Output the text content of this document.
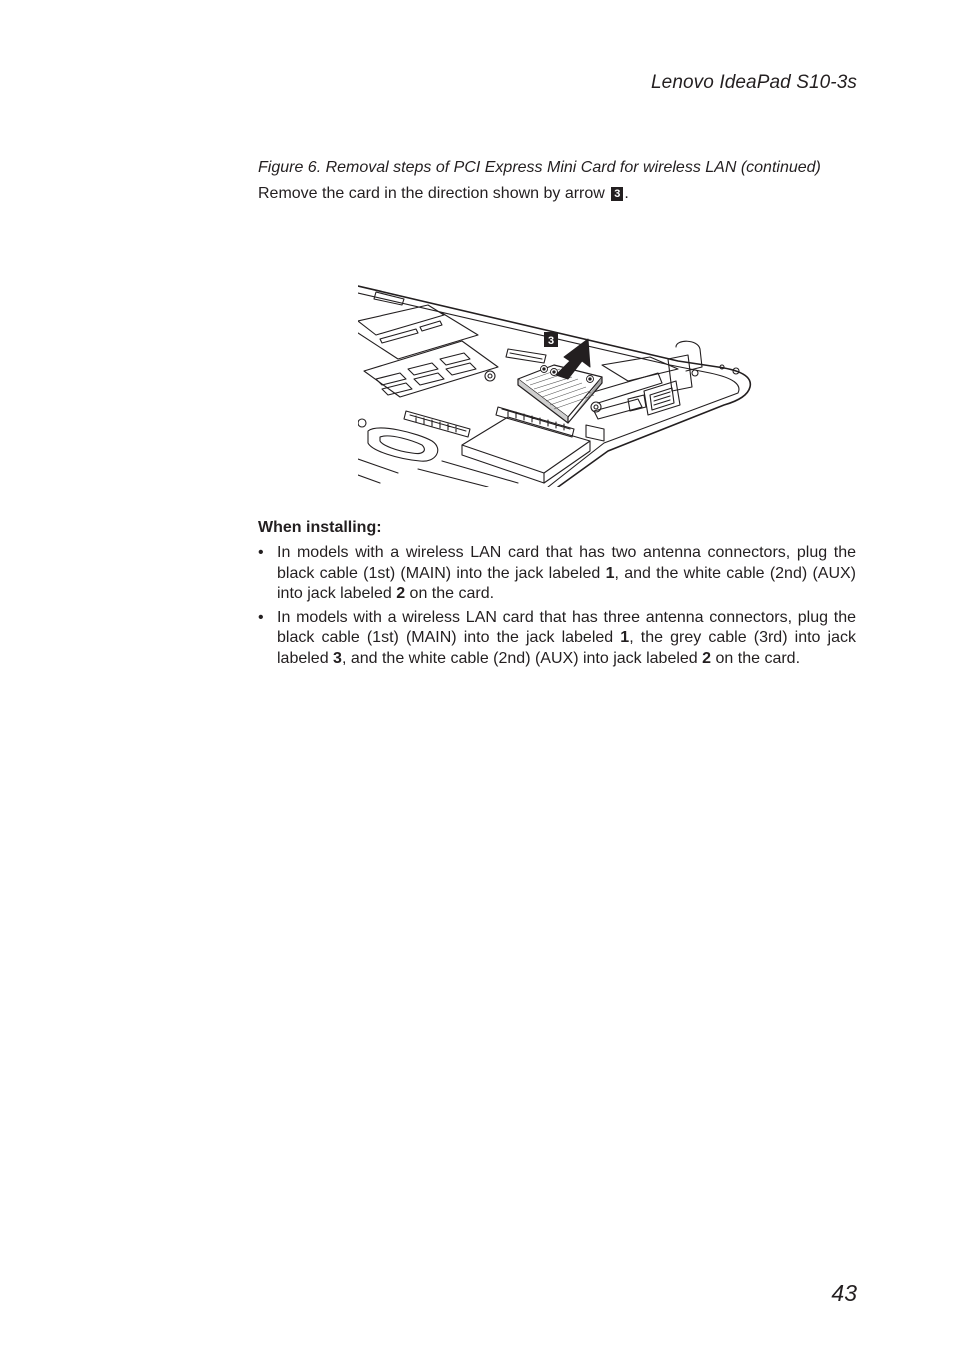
Lenovo IdeaPad S10-3s
Figure 6. Removal steps of PCI Express Mini Card for wireless LAN (continued)
Remove the card in the direction shown by arrow 3 .
3
When installing:
• In models with a wireless LAN card that has two antenna connectors, plug the black cable (1st) (MAIN) into the jack labeled 1, and the white cable (2nd) (AUX) into jack labeled 2 on the card.
• In models with a wireless LAN card that has three antenna connectors, plug the black cable (1st) (MAIN) into the jack labeled 1, the grey cable (3rd) into jack labeled 3, and the white cable (2nd) (AUX) into jack labeled 2 on the card.
43
